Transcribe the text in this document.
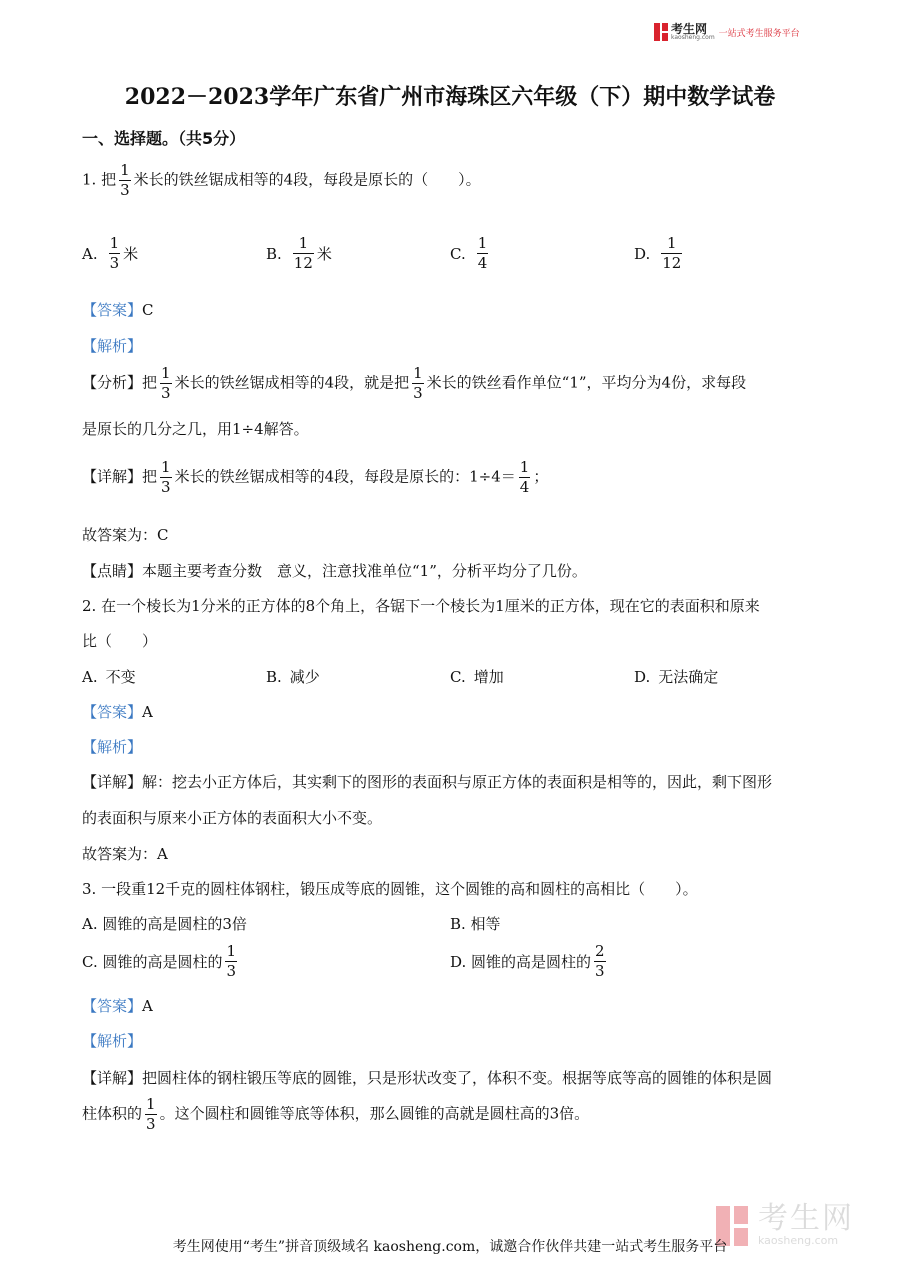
考生网
kaosheng.com 一站式考生服务平台
2022－2023学年广东省广州市海珠区六年级（下）期中数学试卷
一、选择题。（共5分）
1. 把 $\frac{1}{3}$ 米长的铁丝锯成相等的4段，每段是原长的（　　）。
A. $\frac{1}{3}$ 米	B. $\frac{1}{12}$ 米	C. $\frac{1}{4}$	D. $\frac{1}{12}$
【答案】C
【解析】
【分析】把 $\frac{1}{3}$ 米长的铁丝锯成相等的4段，就是把 $\frac{1}{3}$ 米长的铁丝看作单位“1”，平均分为4份，求每段
是原长的几分之几，用1÷4解答。
【详解】把 $\frac{1}{3}$ 米长的铁丝锯成相等的4段，每段是原长的：$1\div 4= \frac{1}{4}$ ；
故答案为：C
【点睛】本题主要考查分数　意义，注意找准单位“1”，分析平均分了几份。
2. 在一个棱长为1分米的正方体的8个角上，各锯下一个棱长为1厘米的正方体，现在它的表面积和原来
比（　　）
A. 不变	B. 减少	C. 增加	D. 无法确定
【答案】A
【解析】
【详解】解：挖去小正方体后，其实剩下的图形的表面积与原正方体的表面积是相等的，因此，剩下图形
的表面积与原来小正方体的表面积大小不变。
故答案为：A
3. 一段重12千克的圆柱体钢柱，锻压成等底的圆锥，这个圆锥的高和圆柱的高相比（　　）。
A. 圆锥的高是圆柱的3倍	B. 相等
C. 圆锥的高是圆柱的 $\frac{1}{3}$	D. 圆锥的高是圆柱的 $\frac{2}{3}$
【答案】A
【解析】
【详解】把圆柱体的钢柱锻压等底的圆锥，只是形状改变了，体积不变。根据等底等高的圆锥的体积是圆
柱体积的 $\frac{1}{3}$ 。这个圆柱和圆锥等底等体积，那么圆锥的高就是圆柱高的3倍。
考生网
kaosheng.com
考生网使用“考生”拼音顶级域名 kaosheng.com，诚邀合作伙伴共建一站式考生服务平台
